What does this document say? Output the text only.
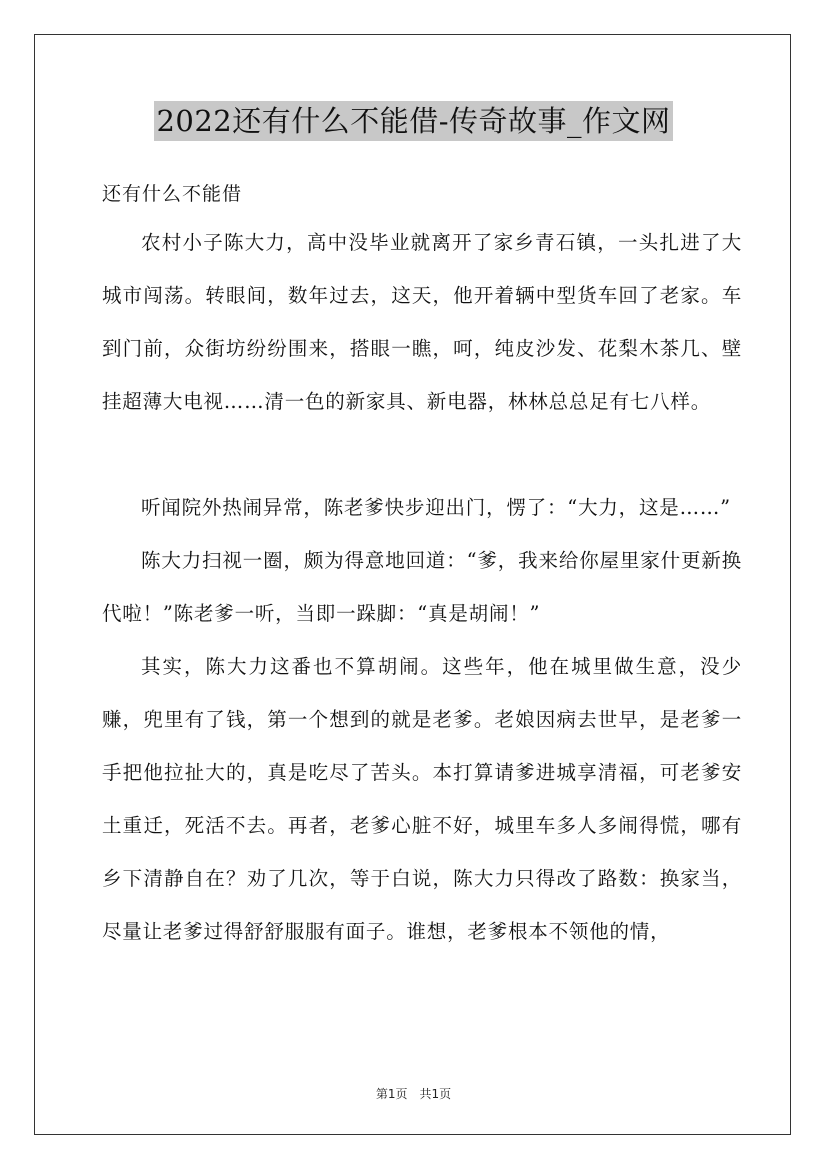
2022还有什么不能借-传奇故事_作文网
还有什么不能借

农村小子陈大力，高中没毕业就离开了家乡青石镇，一头扎进了大城市闯荡。转眼间，数年过去，这天，他开着辆中型货车回了老家。车到门前，众街坊纷纷围来，搭眼一瞧，呵，纯皮沙发、花梨木茶几、壁挂超薄大电视……清一色的新家具、新电器，林林总总足有七八样。

听闻院外热闹异常，陈老爹快步迎出门，愣了：“大力，这是……”

陈大力扫视一圈，颇为得意地回道：“爹，我来给你屋里家什更新换代啦！”陈老爹一听，当即一跺脚：“真是胡闹！”

其实，陈大力这番也不算胡闹。这些年，他在城里做生意，没少赚，兜里有了钱，第一个想到的就是老爹。老娘因病去世早，是老爹一手把他拉扯大的，真是吃尽了苦头。本打算请爹进城享清福，可老爹安土重迁，死活不去。再者，老爹心脏不好，城里车多人多闹得慌，哪有乡下清静自在？劝了几次，等于白说，陈大力只得改了路数：换家当，尽量让老爹过得舒舒服服有面子。谁想，老爹根本不领他的情，

第1页　共1页
